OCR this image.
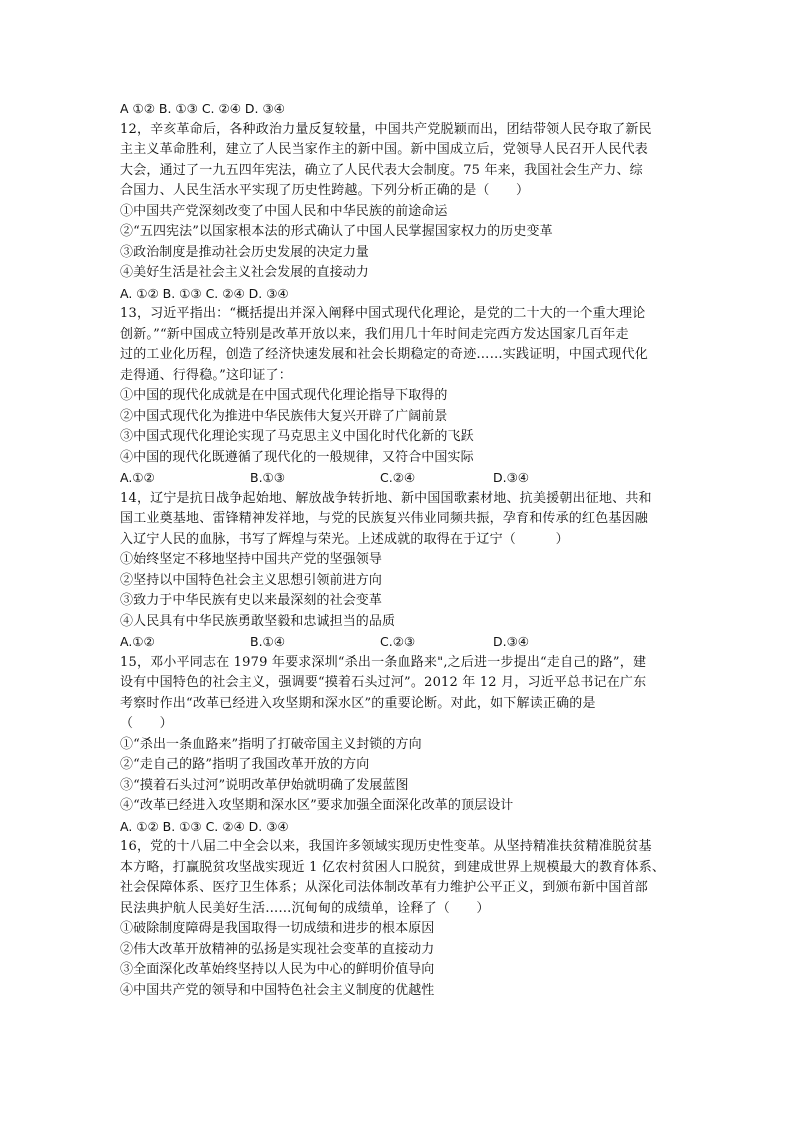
A ①② B. ①③ C. ②④ D. ③④
12，辛亥革命后，各种政治力量反复较量，中国共产党脱颖而出，团结带领人民夺取了新民
主主义革命胜利，建立了人民当家作主的新中国。新中国成立后，党领导人民召开人民代表
大会，通过了一九五四年宪法，确立了人民代表大会制度。75 年来，我国社会生产力、综
合国力、人民生活水平实现了历史性跨越。下列分析正确的是（　　）
①中国共产党深刻改变了中国人民和中华民族的前途命运
②“五四宪法”以国家根本法的形式确认了中国人民掌握国家权力的历史变革
③政治制度是推动社会历史发展的决定力量
④美好生活是社会主义社会发展的直接动力
A. ①② B. ①③ C. ②④ D. ③④
13，习近平指出：“概括提出并深入阐释中国式现代化理论，是党的二十大的一个重大理论
创新。”“新中国成立特别是改革开放以来，我们用几十年时间走完西方发达国家几百年走
过的工业化历程，创造了经济快速发展和社会长期稳定的奇迹……实践证明，中国式现代化
走得通、行得稳。”这印证了：
①中国的现代化成就是在中国式现代化理论指导下取得的
②中国式现代化为推进中华民族伟大复兴开辟了广阔前景
③中国式现代化理论实现了马克思主义中国化时代化新的飞跃
④中国的现代化既遵循了现代化的一般规律，又符合中国实际
A.①②	B.①③	C.②④	D.③④
14，辽宁是抗日战争起始地、解放战争转折地、新中国国歌素材地、抗美援朝出征地、共和
国工业奠基地、雷锋精神发祥地，与党的民族复兴伟业同频共振，孕育和传承的红色基因融
入辽宁人民的血脉，书写了辉煌与荣光。上述成就的取得在于辽宁（　　　）
①始终坚定不移地坚持中国共产党的坚强领导
②坚持以中国特色社会主义思想引领前进方向
③致力于中华民族有史以来最深刻的社会变革
④人民具有中华民族勇敢坚毅和忠诚担当的品质
A.①②	B.①④	C.②③	D.③④
15，邓小平同志在 1979 年要求深圳“杀出一条血路来",之后进一步提出“走自己的路”，建
设有中国特色的社会主义，强调要“摸着石头过河”。2012 年 12 月，习近平总书记在广东
考察时作出“改革已经进入攻坚期和深水区”的重要论断。对此，如下解读正确的是
（　　）
①“杀出一条血路来”指明了打破帝国主义封锁的方向
②“走自己的路”指明了我国改革开放的方向
③“摸着石头过河”说明改革伊始就明确了发展蓝图
④“改革已经进入攻坚期和深水区”要求加强全面深化改革的顶层设计
A. ①② B. ①③ C. ②④ D. ③④
16，党的十八届二中全会以来，我国许多领域实现历史性变革。从坚持精准扶贫精准脱贫基
本方略，打赢脱贫攻坚战实现近 1 亿农村贫困人口脱贫，到建成世界上规模最大的教育体系、
社会保障体系、医疗卫生体系；从深化司法体制改革有力维护公平正义，到颁布新中国首部
民法典护航人民美好生活……沉甸甸的成绩单，诠释了（　　）
①破除制度障碍是我国取得一切成绩和进步的根本原因
②伟大改革开放精神的弘扬是实现社会变革的直接动力
③全面深化改革始终坚持以人民为中心的鲜明价值导向
④中国共产党的领导和中国特色社会主义制度的优越性
